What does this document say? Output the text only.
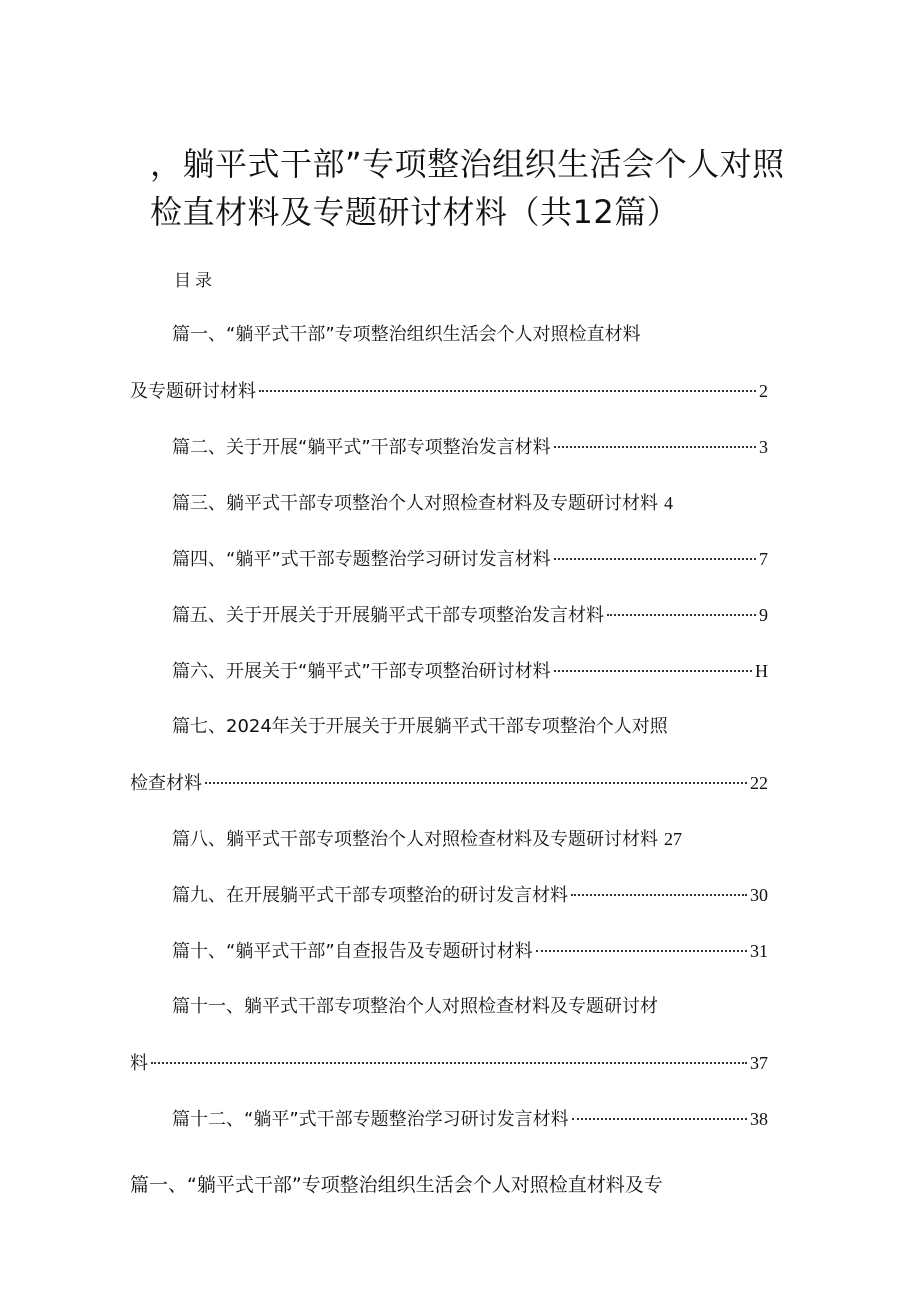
，躺平式干部”专项整治组织生活会个人对照
检直材料及专题研讨材料（共12篇）
目录
篇一、“躺平式干部”专项整治组织生活会个人对照检直材料
及专题研讨材料	2
篇二、关于开展“躺平式”干部专项整治发言材料	3
篇三、躺平式干部专项整治个人对照检查材料及专题研讨材料 4
篇四、“躺平”式干部专题整治学习研讨发言材料	7
篇五、关于开展关于开展躺平式干部专项整治发言材料	9
篇六、开展关于“躺平式”干部专项整治研讨材料	H
篇七、2024年关于开展关于开展躺平式干部专项整治个人对照
检查材料	22
篇八、躺平式干部专项整治个人对照检查材料及专题研讨材料 27
篇九、在开展躺平式干部专项整治的研讨发言材料	30
篇十、“躺平式干部”自查报告及专题研讨材料	31
篇十一、躺平式干部专项整治个人对照检查材料及专题研讨材
料	37
篇十二、“躺平”式干部专题整治学习研讨发言材料	38
篇一、“躺平式干部”专项整治组织生活会个人对照检直材料及专
